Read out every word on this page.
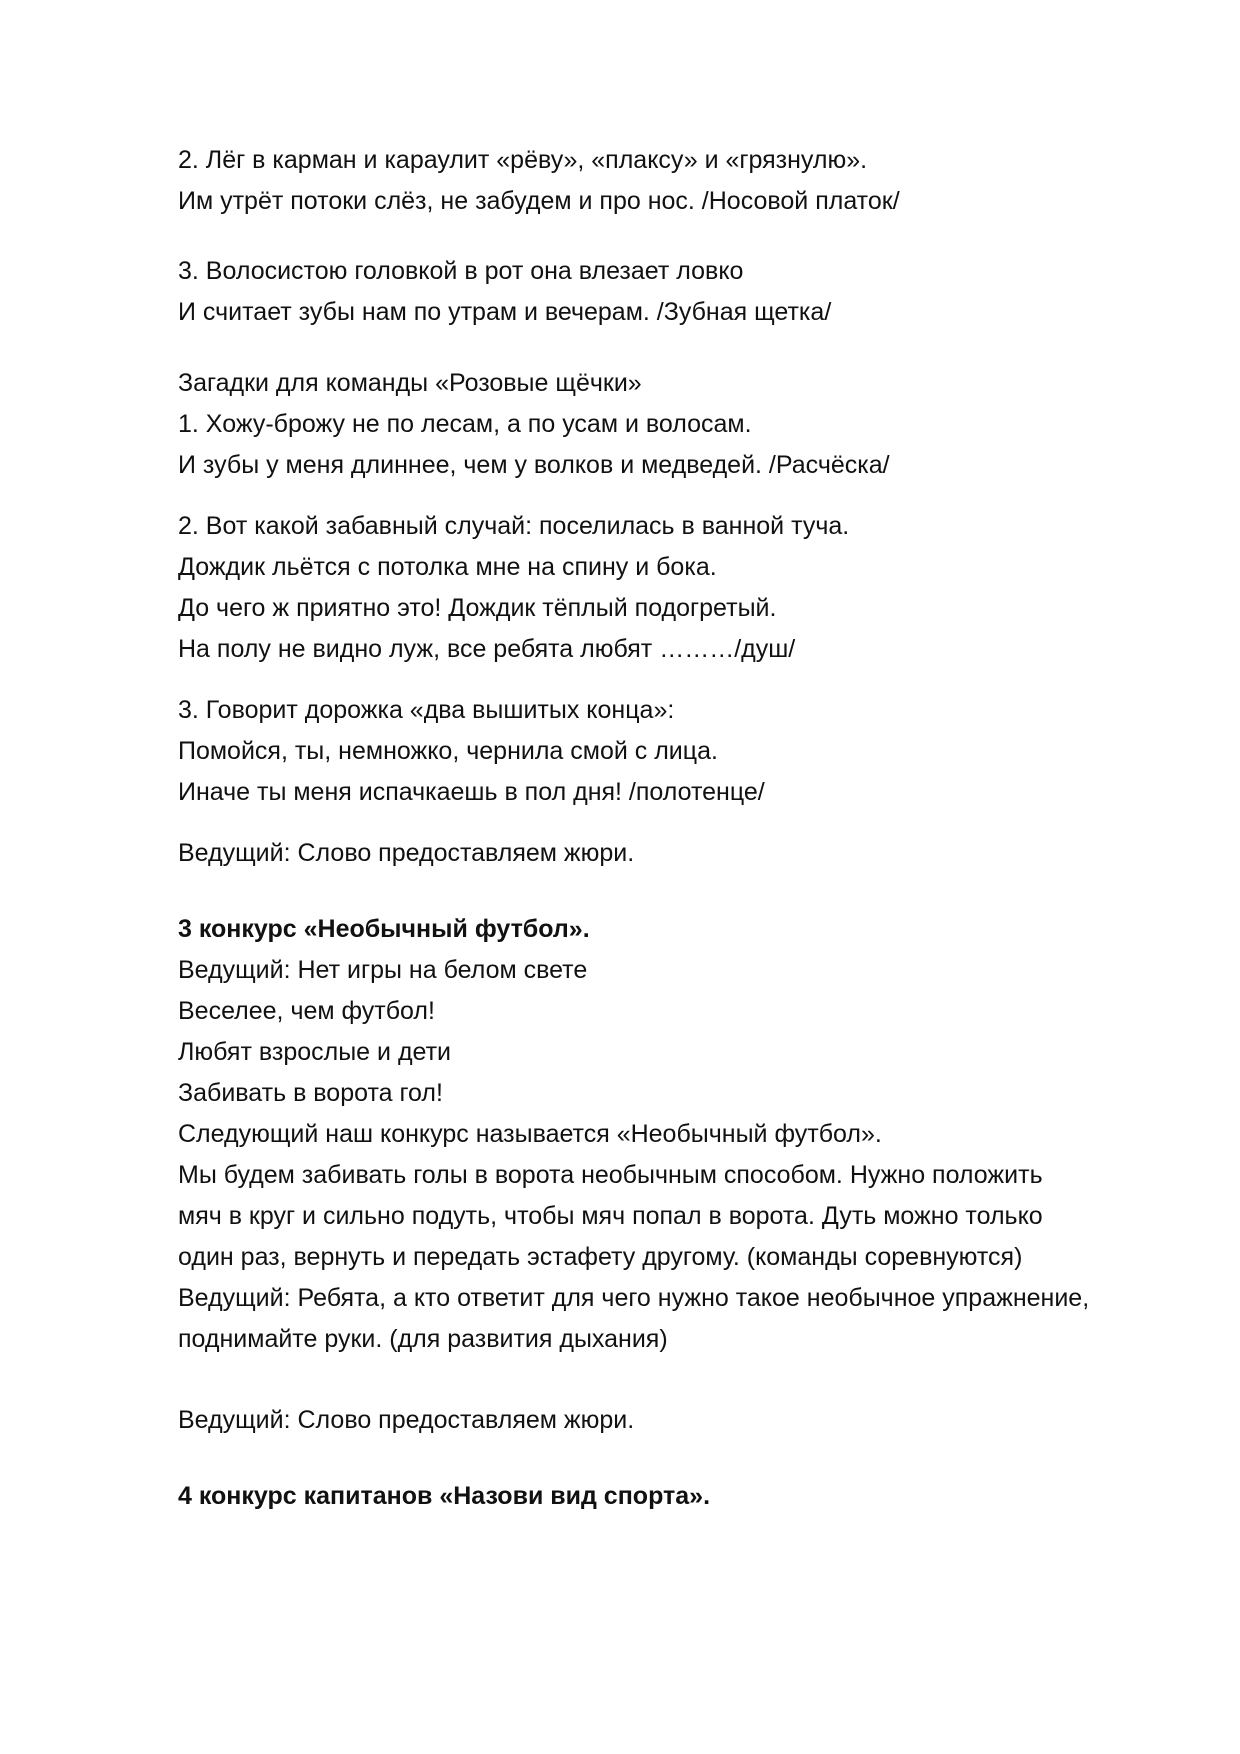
2. Лёг в карман и караулит «рёву», «плаксу» и «грязнулю».
Им утрёт потоки слёз, не забудем и про нос. /Носовой платок/
3. Волосистою головкой в рот она влезает ловко
И считает зубы нам по утрам и вечерам. /Зубная щетка/
Загадки для команды «Розовые щёчки»
1. Хожу-брожу не по лесам, а по усам и волосам.
И зубы у меня длиннее, чем у волков и медведей. /Расчёска/
2. Вот какой забавный случай: поселилась в ванной туча.
Дождик льётся с потолка мне на спину и бока.
До чего ж приятно это! Дождик тёплый подогретый.
На полу не видно луж, все ребята любят ………/душ/
3. Говорит дорожка «два вышитых конца»:
Помойся, ты, немножко, чернила смой с лица.
Иначе ты меня испачкаешь в пол дня! /полотенце/
Ведущий: Слово предоставляем жюри.
3 конкурс «Необычный футбол».
Ведущий: Нет игры на белом свете
Веселее, чем футбол!
Любят взрослые и дети
Забивать в ворота гол!
Следующий наш конкурс называется «Необычный футбол».
Мы будем забивать голы в ворота необычным способом. Нужно положить
мяч в круг и сильно подуть, чтобы мяч попал в ворота. Дуть можно только
один раз, вернуть и передать эстафету другому. (команды соревнуются)
Ведущий: Ребята, а кто ответит для чего нужно такое необычное упражнение,
поднимайте руки. (для развития дыхания)
Ведущий: Слово предоставляем жюри.
4 конкурс капитанов «Назови вид спорта».
